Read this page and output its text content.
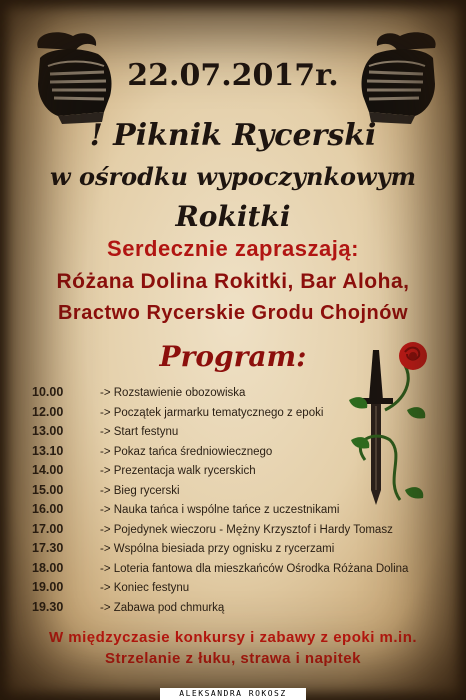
22.07.2017r.
! Piknik Rycerski
w ośrodku wypoczynkowym
Rokitki
Serdecznie zapraszają:
Różana Dolina Rokitki, Bar Aloha,
Bractwo Rycerskie Grodu Chojnów
Program:
10.00	-> Rozstawienie obozowiska
12.00	-> Początek jarmarku tematycznego z epoki
13.00	-> Start festynu
13.10	-> Pokaz tańca średniowiecznego
14.00	-> Prezentacja walk rycerskich
15.00	-> Bieg rycerski
16.00	-> Nauka tańca i wspólne tańce z uczestnikami
17.00	-> Pojedynek wieczoru - Mężny Krzysztof i Hardy Tomasz
17.30	-> Wspólna biesiada przy ognisku z rycerzami
18.00	-> Loteria fantowa dla mieszkańców Ośrodka Różana Dolina
19.00	-> Koniec festynu
19.30	-> Zabawa pod chmurką
W międzyczasie konkursy i zabawy z epoki m.in.
Strzelanie z łuku, strawa i napitek
ALEKSANDRA ROKOSZ
